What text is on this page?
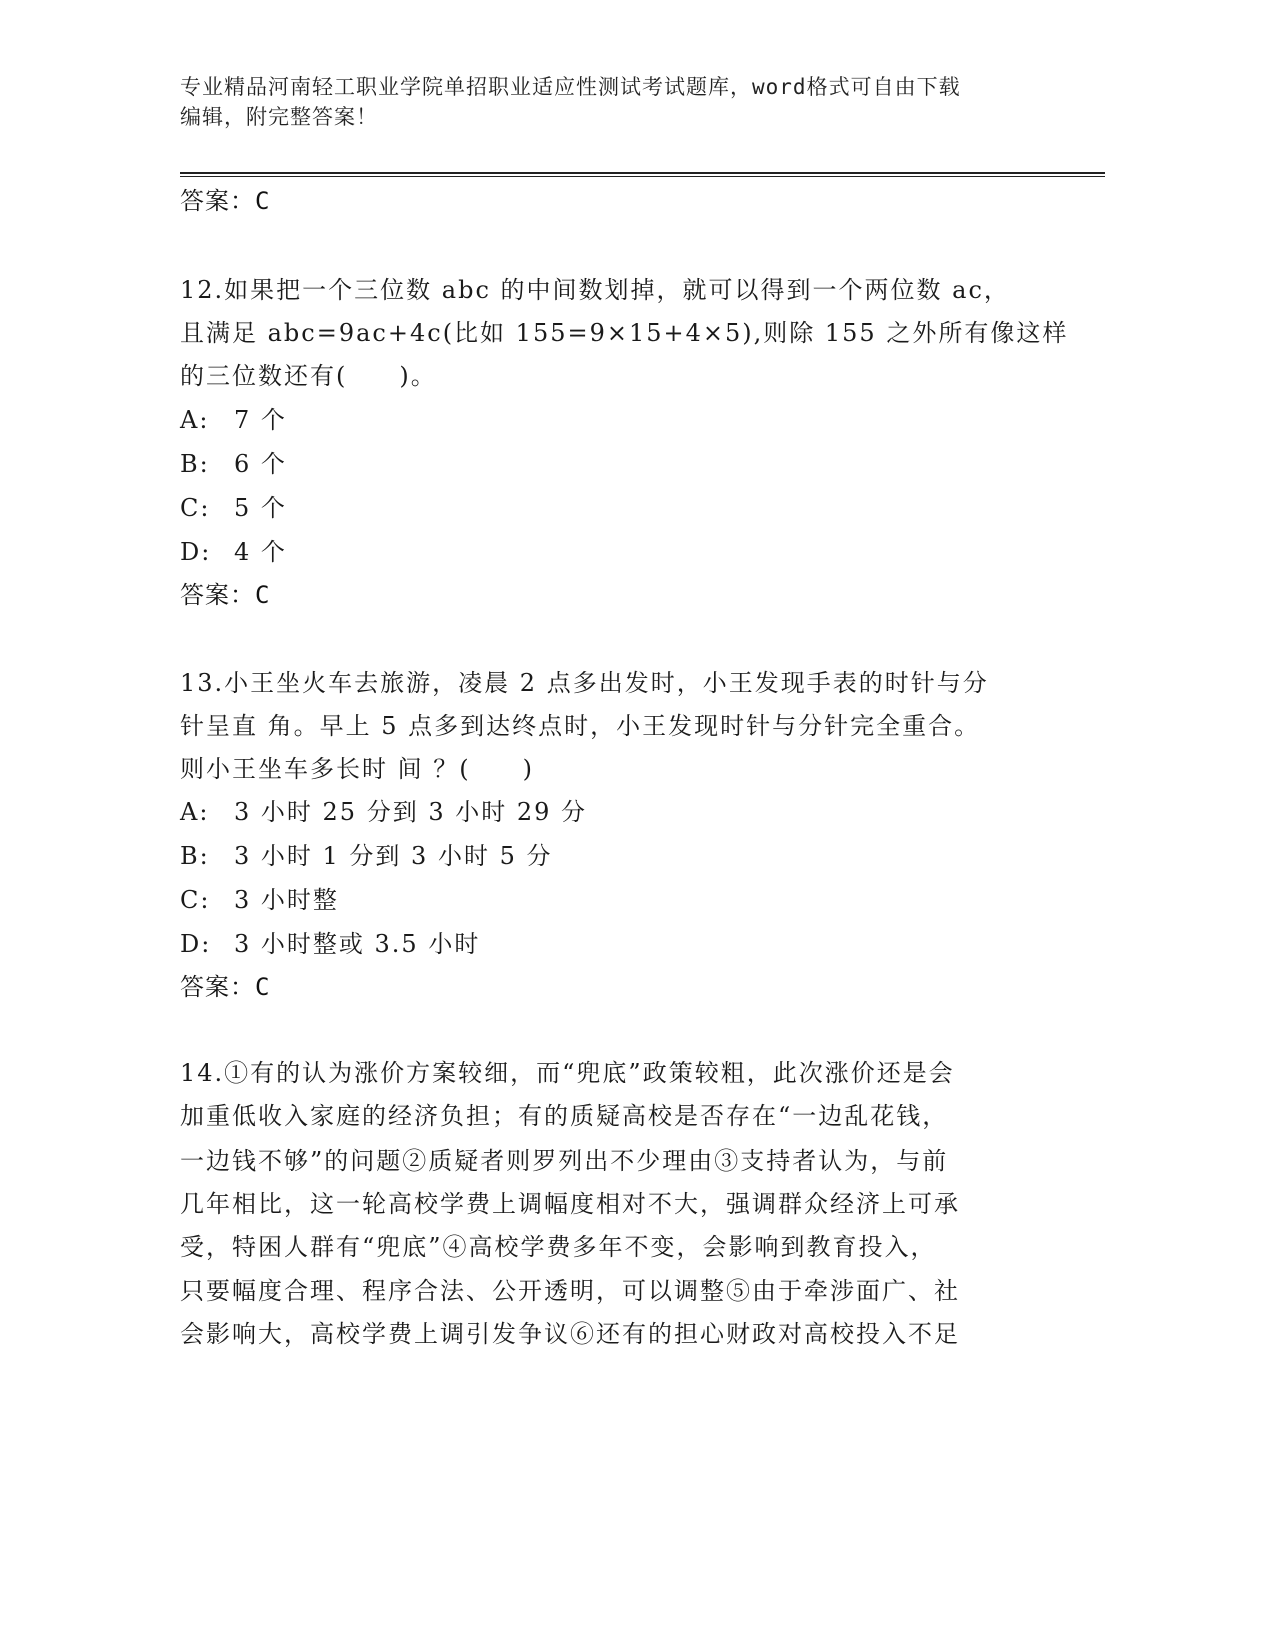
专业精品河南轻工职业学院单招职业适应性测试考试题库，word格式可自由下载
编辑，附完整答案！
答案：C
12.如果把一个三位数 abc 的中间数划掉，就可以得到一个两位数 ac，
且满足 abc=9ac+4c(比如 155=9×15+4×5),则除 155 之外所有像这样
的三位数还有(　　)。
A: 7 个
B: 6 个
C: 5 个
D: 4 个
答案：C
13.小王坐火车去旅游，凌晨 2 点多出发时，小王发现手表的时针与分
针呈直 角。早上 5 点多到达终点时，小王发现时针与分针完全重合。
则小王坐车多长时 间 ？(　　)
A: 3 小时 25 分到 3 小时 29 分
B: 3 小时 1 分到 3 小时 5 分
C: 3 小时整
D: 3 小时整或 3.5 小时
答案：C
14.①有的认为涨价方案较细，而“兜底”政策较粗，此次涨价还是会
加重低收入家庭的经济负担；有的质疑高校是否存在“一边乱花钱，
一边钱不够”的问题②质疑者则罗列出不少理由③支持者认为，与前
几年相比，这一轮高校学费上调幅度相对不大，强调群众经济上可承
受，特困人群有“兜底”④高校学费多年不变，会影响到教育投入，
只要幅度合理、程序合法、公开透明，可以调整⑤由于牵涉面广、社
会影响大，高校学费上调引发争议⑥还有的担心财政对高校投入不足
